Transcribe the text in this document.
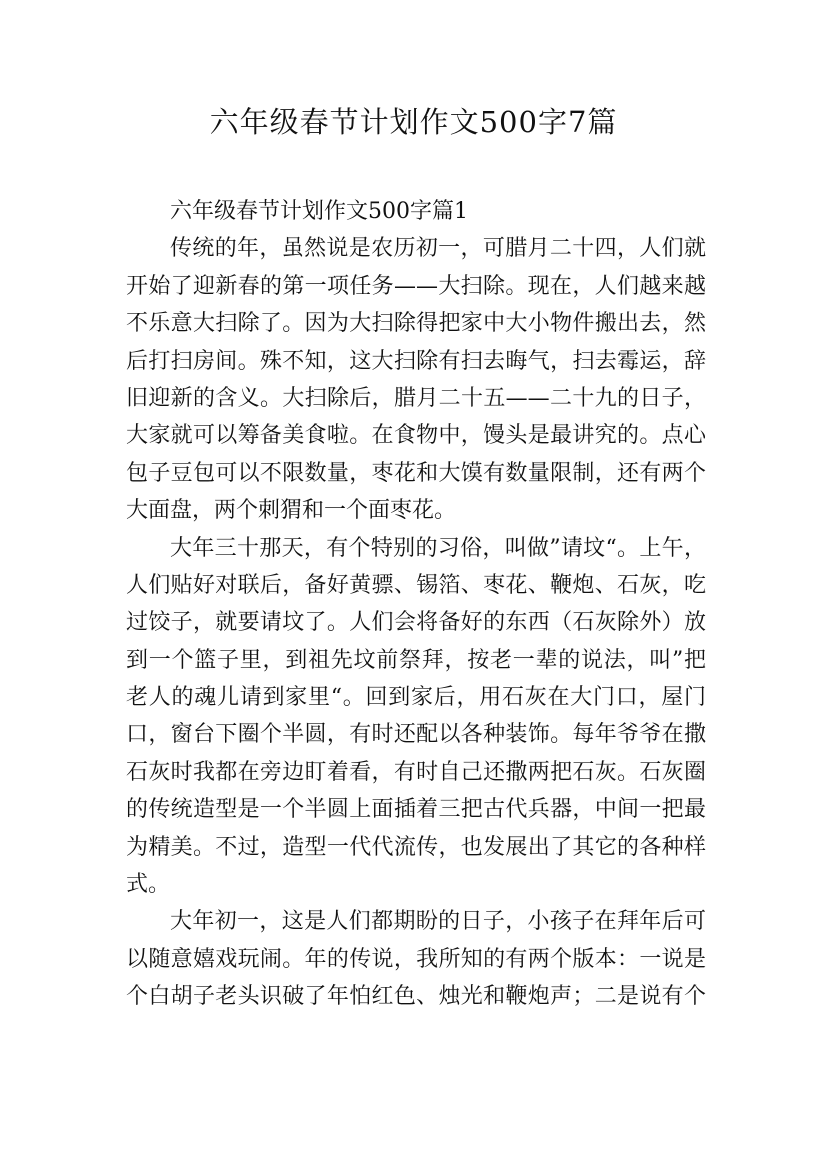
六年级春节计划作文500字7篇
六年级春节计划作文500字篇1
传统的年，虽然说是农历初一，可腊月二十四，人们就
开始了迎新春的第一项任务——大扫除。现在，人们越来越
不乐意大扫除了。因为大扫除得把家中大小物件搬出去，然
后打扫房间。殊不知，这大扫除有扫去晦气，扫去霉运，辞
旧迎新的含义。大扫除后，腊月二十五——二十九的日子，
大家就可以筹备美食啦。在食物中，馒头是最讲究的。点心
包子豆包可以不限数量，枣花和大馍有数量限制，还有两个
大面盘，两个刺猬和一个面枣花。
大年三十那天，有个特别的习俗，叫做”请坟“。上午，
人们贴好对联后，备好黄骠、锡箔、枣花、鞭炮、石灰，吃
过饺子，就要请坟了。人们会将备好的东西（石灰除外）放
到一个篮子里，到祖先坟前祭拜，按老一辈的说法，叫”把
老人的魂儿请到家里“。回到家后，用石灰在大门口，屋门
口，窗台下圈个半圆，有时还配以各种装饰。每年爷爷在撒
石灰时我都在旁边盯着看，有时自己还撒两把石灰。石灰圈
的传统造型是一个半圆上面插着三把古代兵器，中间一把最
为精美。不过，造型一代代流传，也发展出了其它的各种样
式。
大年初一，这是人们都期盼的日子，小孩子在拜年后可
以随意嬉戏玩闹。年的传说，我所知的有两个版本：一说是
个白胡子老头识破了年怕红色、烛光和鞭炮声；二是说有个
